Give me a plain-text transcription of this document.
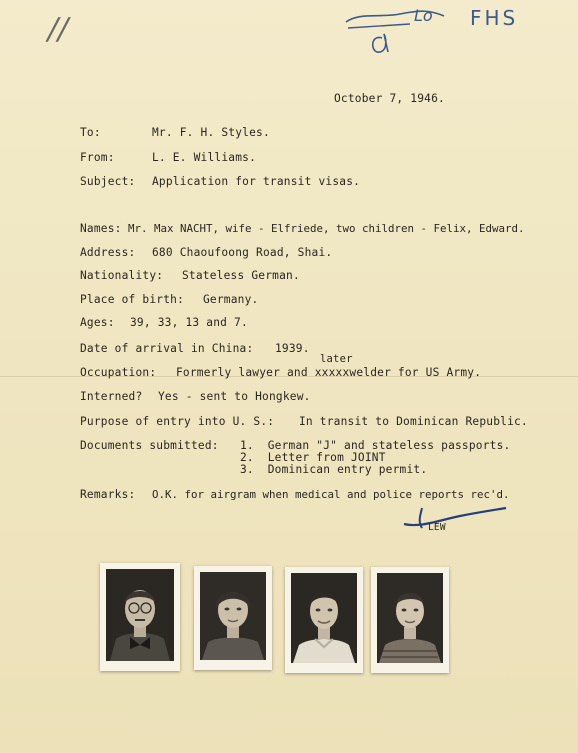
//	Lo FHS
October 7, 1946.
To:	Mr. F. H. Styles.
From:	L. E. Williams.
Subject: Application for transit visas.
Names: Mr. Max NACHT, wife - Elfriede, two children - Felix, Edward.
Address: 680 Chaoufoong Road, Shai.
Nationality: Stateless German.
Place of birth: Germany.
Ages: 39, 33, 13 and 7.
Date of arrival in China: 1939.
later
Occupation: Formerly lawyer and xxxxxwelder for US Army.
Interned? Yes - sent to Hongkew.
Purpose of entry into U. S.: In transit to Dominican Republic.
Documents submitted: 1.  German "J" and stateless passports.
2.  Letter from JOINT
3.  Dominican entry permit.
Remarks: O.K. for airgram when medical and police reports rec'd.
LEW
